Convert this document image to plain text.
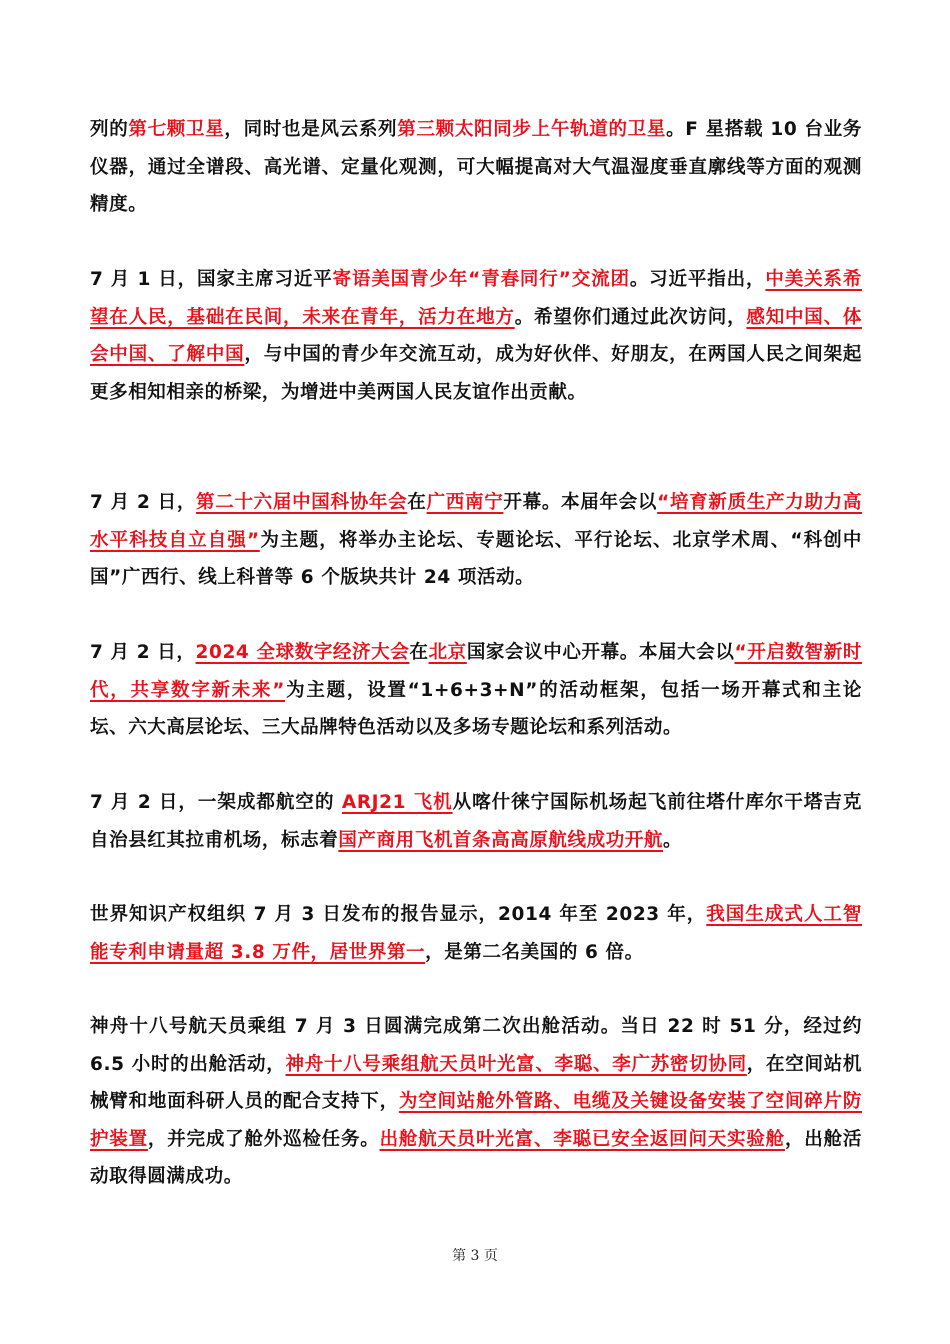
列的第七颗卫星，同时也是风云系列第三颗太阳同步上午轨道的卫星。F 星搭载 10 台业务仪器，通过全谱段、高光谱、定量化观测，可大幅提高对大气温湿度垂直廓线等方面的观测精度。
7 月 1 日，国家主席习近平寄语美国青少年“青春同行”交流团。习近平指出，中美关系希望在人民，基础在民间，未来在青年，活力在地方。希望你们通过此次访问，感知中国、体会中国、了解中国，与中国的青少年交流互动，成为好伙伴、好朋友，在两国人民之间架起更多相知相亲的桥梁，为增进中美两国人民友谊作出贡献。
7 月 2 日，第二十六届中国科协年会在广西南宁开幕。本届年会以“培育新质生产力助力高水平科技自立自强”为主题，将举办主论坛、专题论坛、平行论坛、北京学术周、“科创中国”广西行、线上科普等 6 个版块共计 24 项活动。
7 月 2 日，2024 全球数字经济大会在北京国家会议中心开幕。本届大会以“开启数智新时代，共享数字新未来”为主题，设置“1+6+3+N”的活动框架，包括一场开幕式和主论坛、六大高层论坛、三大品牌特色活动以及多场专题论坛和系列活动。
7 月 2 日，一架成都航空的 ARJ21 飞机从喀什徕宁国际机场起飞前往塔什库尔干塔吉克自治县红其拉甫机场，标志着国产商用飞机首条高高原航线成功开航。
世界知识产权组织 7 月 3 日发布的报告显示，2014 年至 2023 年，我国生成式人工智能专利申请量超 3.8 万件，居世界第一，是第二名美国的 6 倍。
神舟十八号航天员乘组 7 月 3 日圆满完成第二次出舱活动。当日 22 时 51 分，经过约 6.5 小时的出舱活动，神舟十八号乘组航天员叶光富、李聪、李广苏密切协同，在空间站机械臂和地面科研人员的配合支持下，为空间站舱外管路、电缆及关键设备安装了空间碎片防护装置，并完成了舱外巡检任务。出舱航天员叶光富、李聪已安全返回问天实验舱，出舱活动取得圆满成功。
第 3 页
